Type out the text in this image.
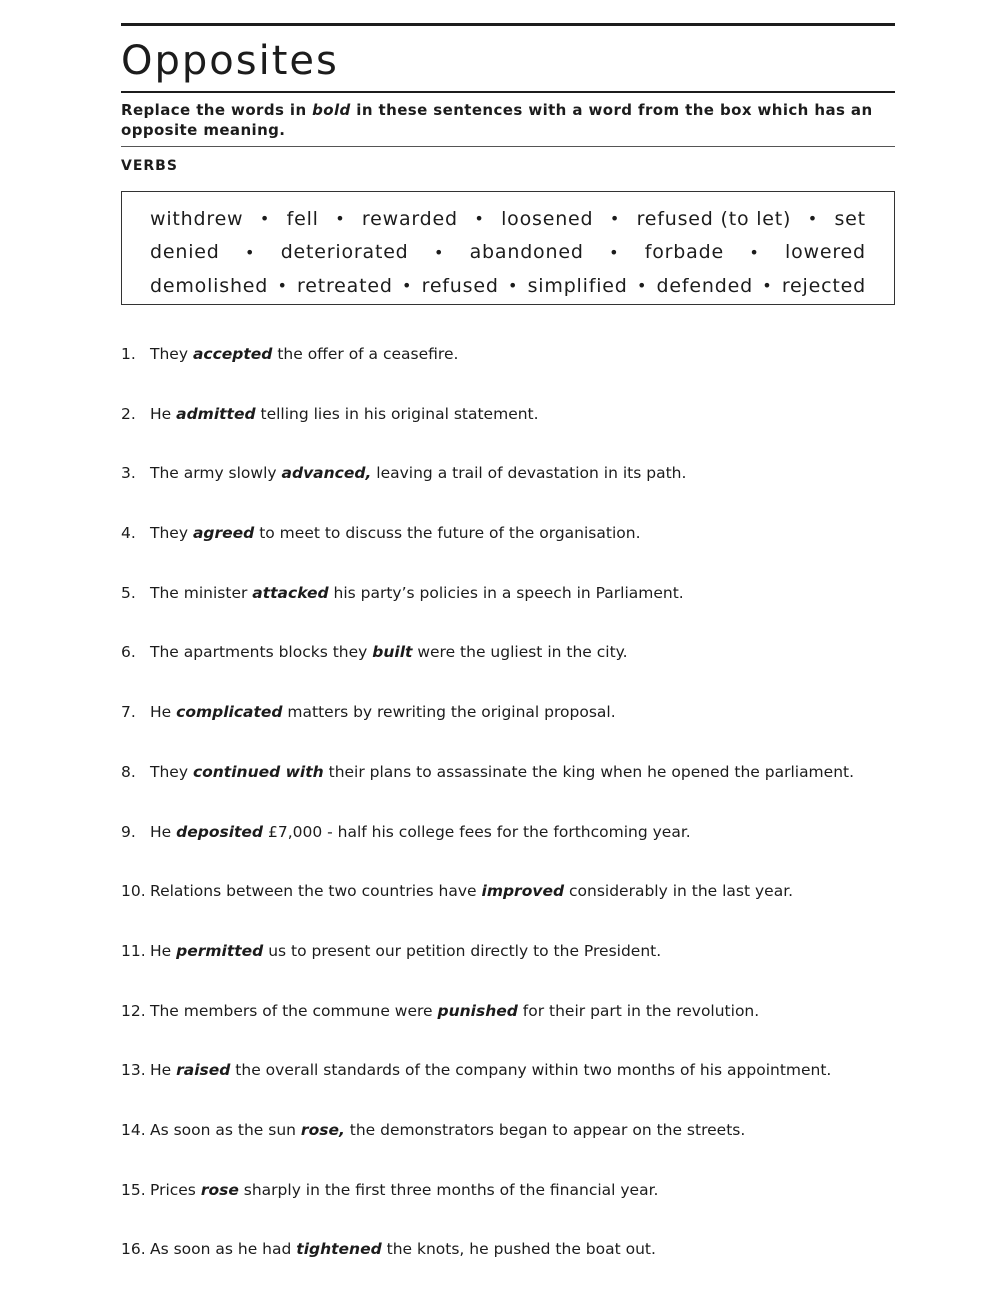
Opposites

Replace the words in bold in these sentences with a word from the box which has an opposite meaning.

VERBS
withdrew • fell • rewarded • loosened • refused (to let) • set
denied • deteriorated • abandoned • forbade • lowered
demolished • retreated • refused • simplified • defended • rejected
1. They accepted the offer of a ceasefire.
2. He admitted telling lies in his original statement.
3. The army slowly advanced, leaving a trail of devastation in its path.
4. They agreed to meet to discuss the future of the organisation.
5. The minister attacked his party’s policies in a speech in Parliament.
6. The apartments blocks they built were the ugliest in the city.
7. He complicated matters by rewriting the original proposal.
8. They continued with their plans to assassinate the king when he opened the parliament.
9. He deposited £7,000 - half his college fees for the forthcoming year.
10. Relations between the two countries have improved considerably in the last year.
11. He permitted us to present our petition directly to the President.
12. The members of the commune were punished for their part in the revolution.
13. He raised the overall standards of the company within two months of his appointment.
14. As soon as the sun rose, the demonstrators began to appear on the streets.
15. Prices rose sharply in the first three months of the financial year.
16. As soon as he had tightened the knots, he pushed the boat out.
